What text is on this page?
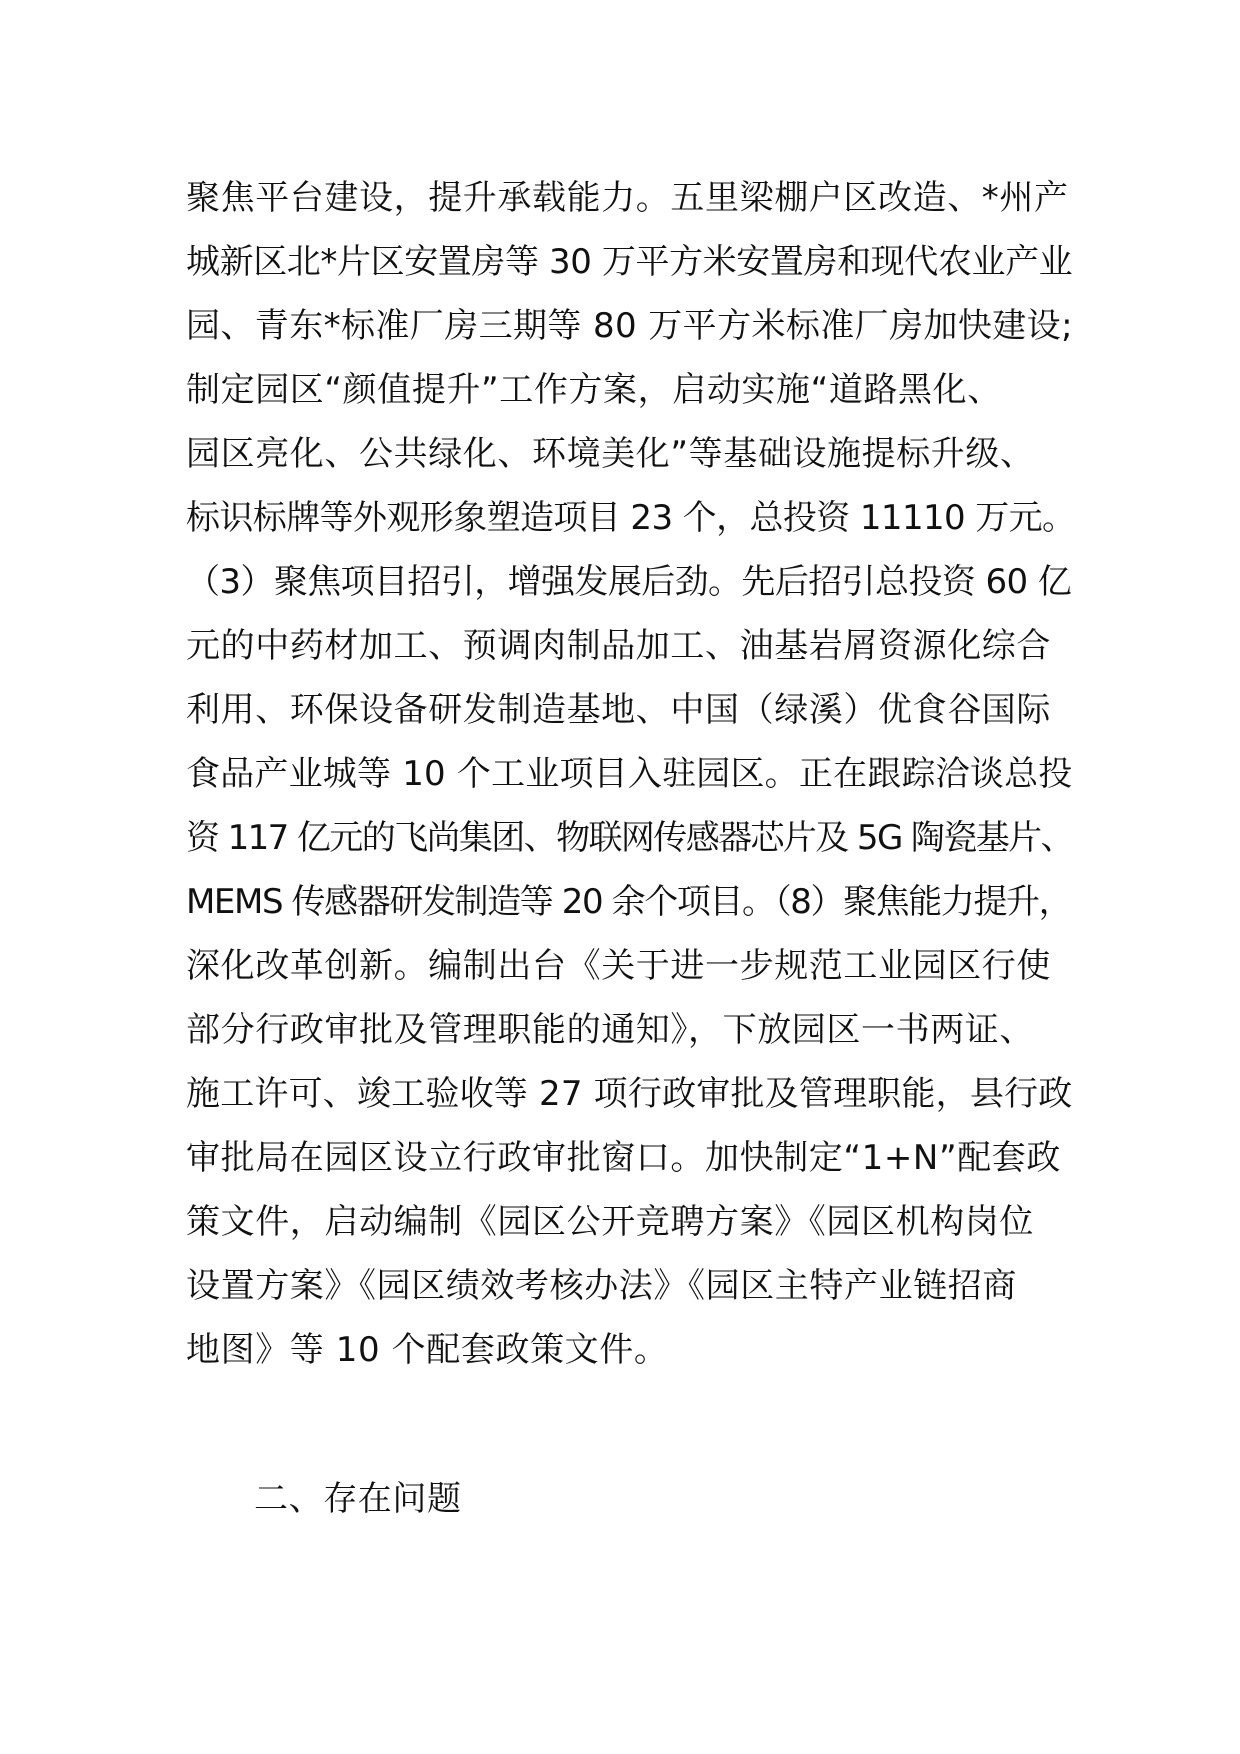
聚焦平台建设，提升承载能力。五里梁棚户区改造、*州产
城新区北*片区安置房等 30 万平方米安置房和现代农业产业
园、青东*标准厂房三期等 80 万平方米标准厂房加快建设;
制定园区“颜值提升”工作方案，启动实施“道路黑化、
园区亮化、公共绿化、环境美化”等基础设施提标升级、
标识标牌等外观形象塑造项目 23 个，总投资 11110 万元。
（3）聚焦项目招引，增强发展后劲。先后招引总投资 60 亿
元的中药材加工、预调肉制品加工、油基岩屑资源化综合
利用、环保设备研发制造基地、中国（绿溪）优食谷国际
食品产业城等 10 个工业项目入驻园区。正在跟踪洽谈总投
资 117 亿元的飞尚集团、物联网传感器芯片及 5G 陶瓷基片、
MEMS 传感器研发制造等 20 余个项目。（8）聚焦能力提升，
深化改革创新。编制出台《关于进一步规范工业园区行使
部分行政审批及管理职能的通知》，下放园区一书两证、
施工许可、竣工验收等 27 项行政审批及管理职能，县行政
审批局在园区设立行政审批窗口。加快制定“1+N”配套政
策文件，启动编制《园区公开竞聘方案》《园区机构岗位
设置方案》《园区绩效考核办法》《园区主特产业链招商
地图》等 10 个配套政策文件。
二、存在问题
